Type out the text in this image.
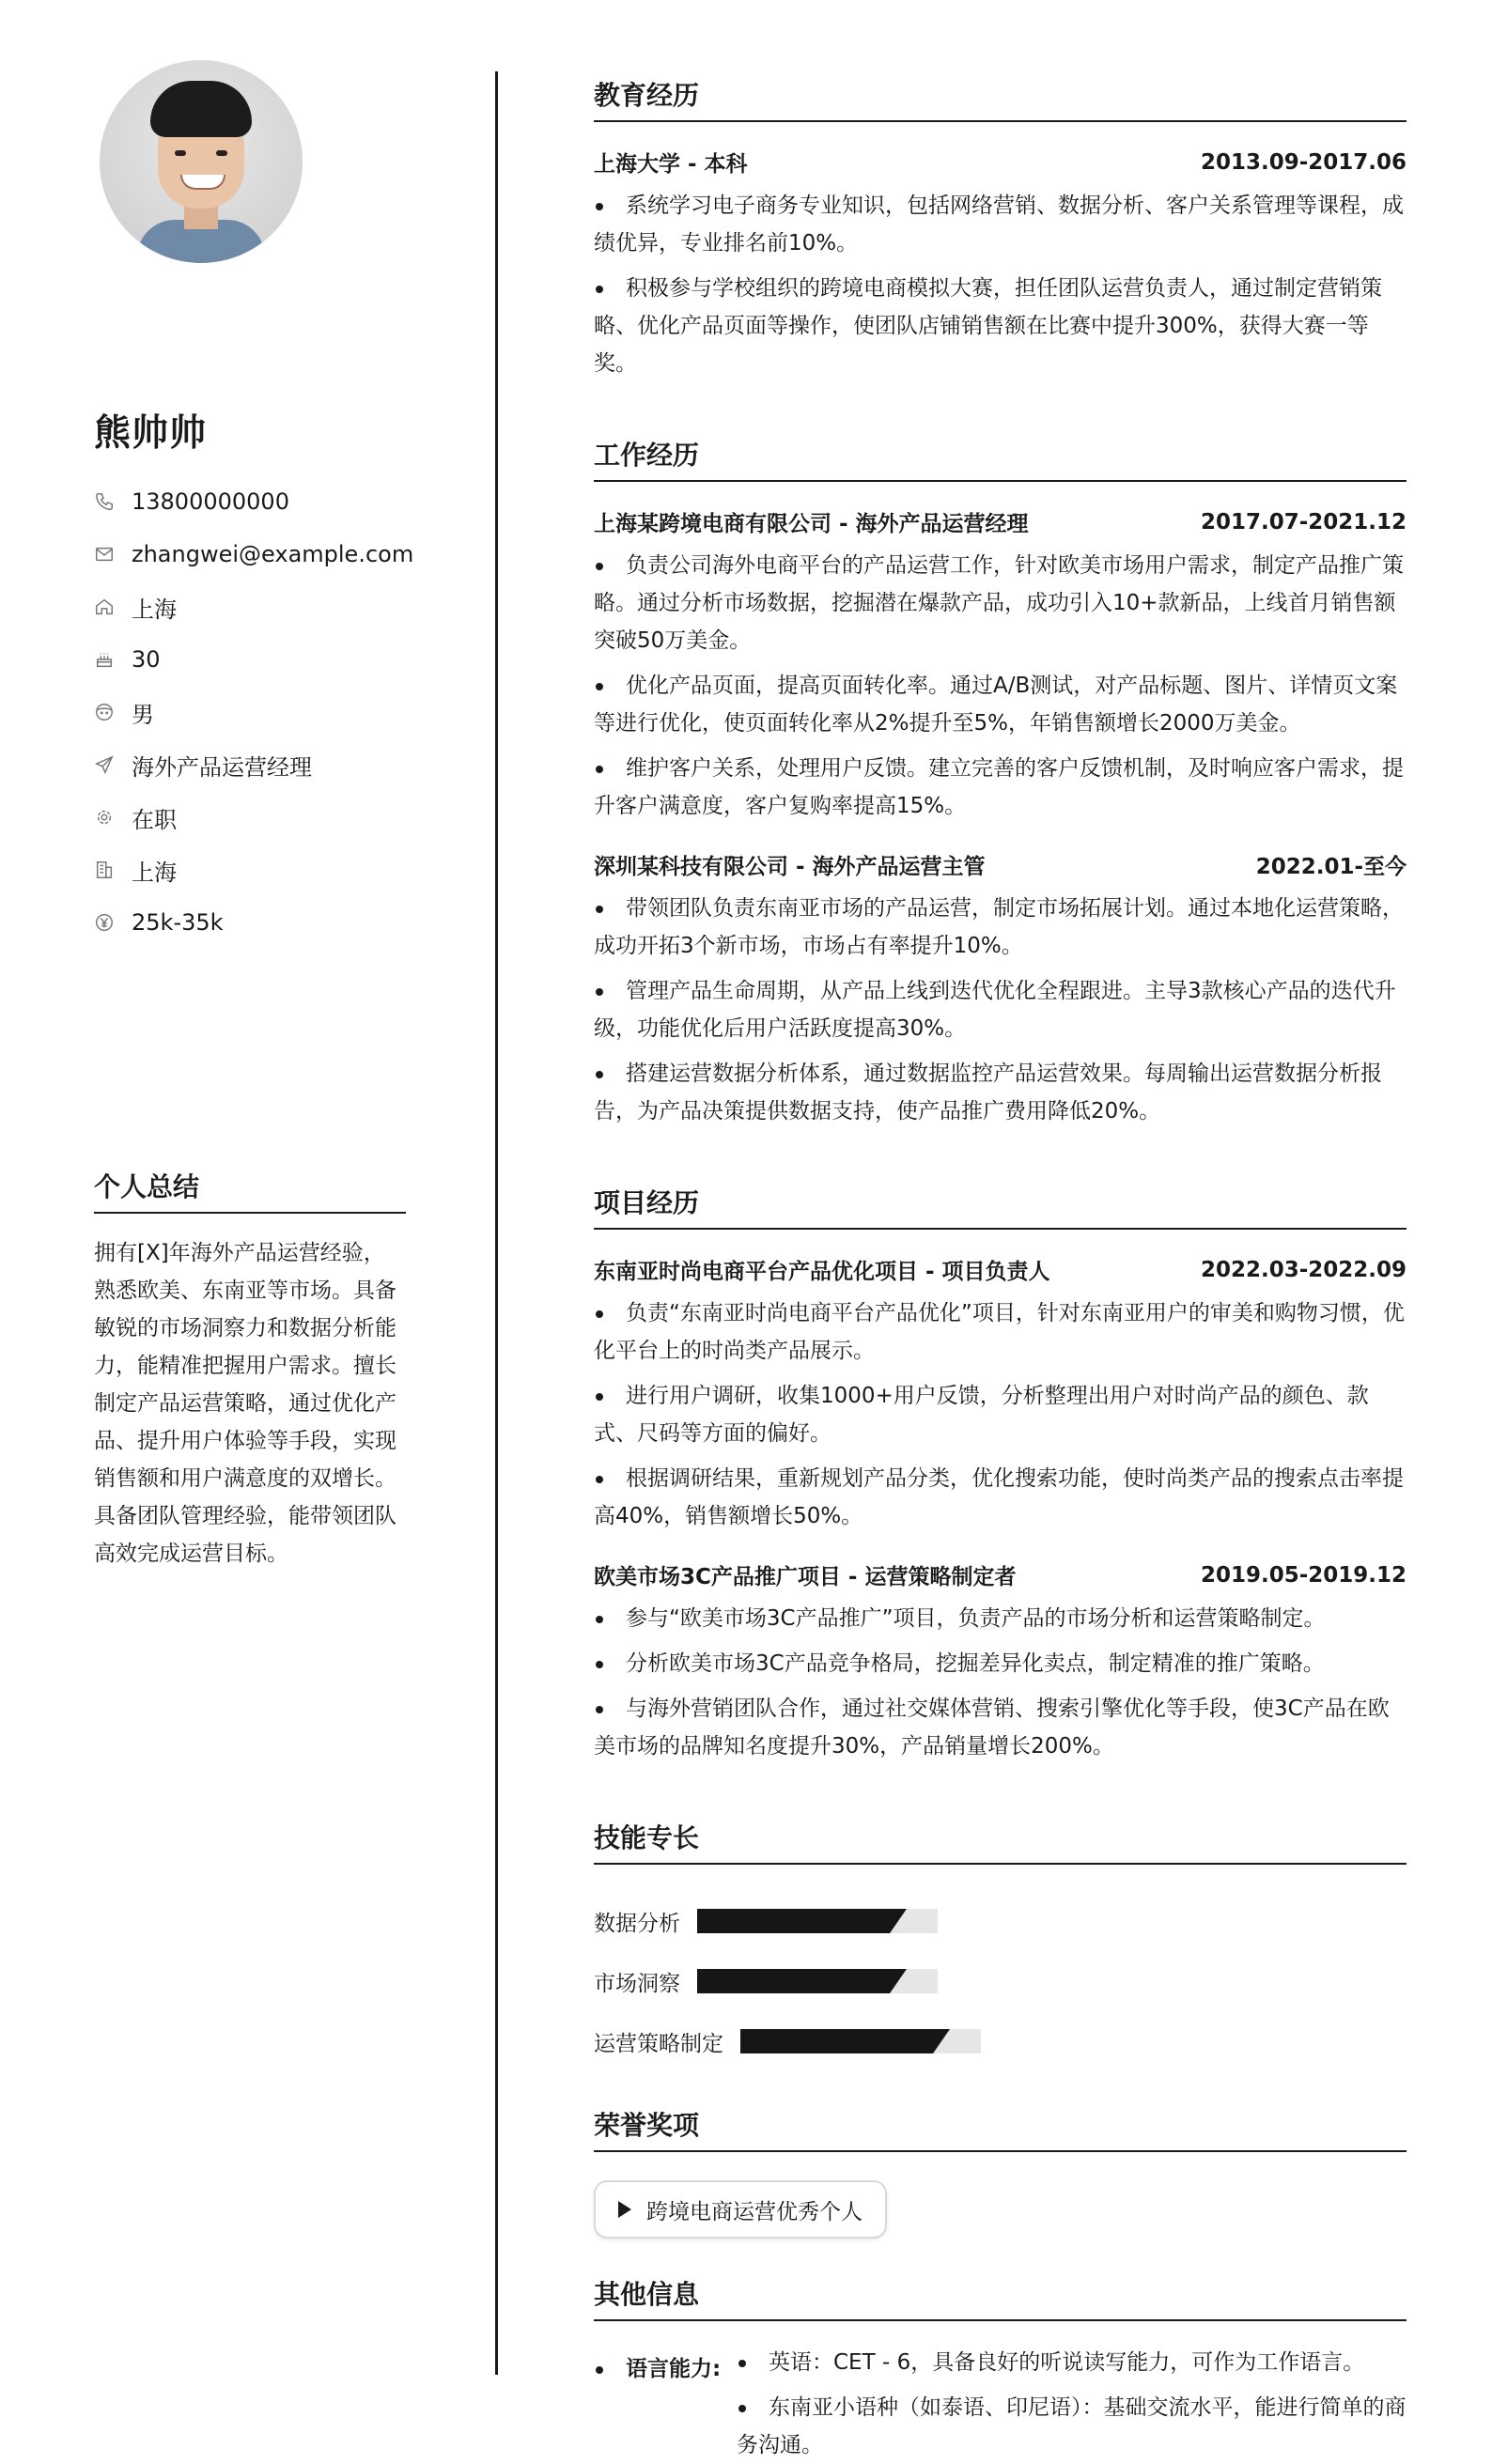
熊帅帅
13800000000
zhangwei@example.com
上海
30
男
海外产品运营经理
在职
上海
25k-35k
个人总结
拥有[X]年海外产品运营经验，熟悉欧美、东南亚等市场。具备敏锐的市场洞察力和数据分析能力，能精准把握用户需求。擅长制定产品运营策略，通过优化产品、提升用户体验等手段，实现销售额和用户满意度的双增长。具备团队管理经验，能带领团队高效完成运营目标。
教育经历
上海大学 - 本科	2013.09-2017.06
系统学习电子商务专业知识，包括网络营销、数据分析、客户关系管理等课程，成绩优异，专业排名前10%。
积极参与学校组织的跨境电商模拟大赛，担任团队运营负责人，通过制定营销策略、优化产品页面等操作，使团队店铺销售额在比赛中提升300%，获得大赛一等奖。
工作经历
上海某跨境电商有限公司 - 海外产品运营经理	2017.07-2021.12
负责公司海外电商平台的产品运营工作，针对欧美市场用户需求，制定产品推广策略。通过分析市场数据，挖掘潜在爆款产品，成功引入10+款新品，上线首月销售额突破50万美金。
优化产品页面，提高页面转化率。通过A/B测试，对产品标题、图片、详情页文案等进行优化，使页面转化率从2%提升至5%，年销售额增长2000万美金。
维护客户关系，处理用户反馈。建立完善的客户反馈机制，及时响应客户需求，提升客户满意度，客户复购率提高15%。
深圳某科技有限公司 - 海外产品运营主管	2022.01-至今
带领团队负责东南亚市场的产品运营，制定市场拓展计划。通过本地化运营策略，成功开拓3个新市场，市场占有率提升10%。
管理产品生命周期，从产品上线到迭代优化全程跟进。主导3款核心产品的迭代升级，功能优化后用户活跃度提高30%。
搭建运营数据分析体系，通过数据监控产品运营效果。每周输出运营数据分析报告，为产品决策提供数据支持，使产品推广费用降低20%。
项目经历
东南亚时尚电商平台产品优化项目 - 项目负责人	2022.03-2022.09
负责“东南亚时尚电商平台产品优化”项目，针对东南亚用户的审美和购物习惯，优化平台上的时尚类产品展示。
进行用户调研，收集1000+用户反馈，分析整理出用户对时尚产品的颜色、款式、尺码等方面的偏好。
根据调研结果，重新规划产品分类，优化搜索功能，使时尚类产品的搜索点击率提高40%，销售额增长50%。
欧美市场3C产品推广项目 - 运营策略制定者	2019.05-2019.12
参与“欧美市场3C产品推广”项目，负责产品的市场分析和运营策略制定。
分析欧美市场3C产品竞争格局，挖掘差异化卖点，制定精准的推广策略。
与海外营销团队合作，通过社交媒体营销、搜索引擎优化等手段，使3C产品在欧美市场的品牌知名度提升30%，产品销量增长200%。
技能专长
数据分析
市场洞察
运营策略制定
荣誉奖项
跨境电商运营优秀个人
其他信息
语言能力:	英语：CET - 6，具备良好的听说读写能力，可作为工作语言。
东南亚小语种（如泰语、印尼语）：基础交流水平，能进行简单的商务沟通。
